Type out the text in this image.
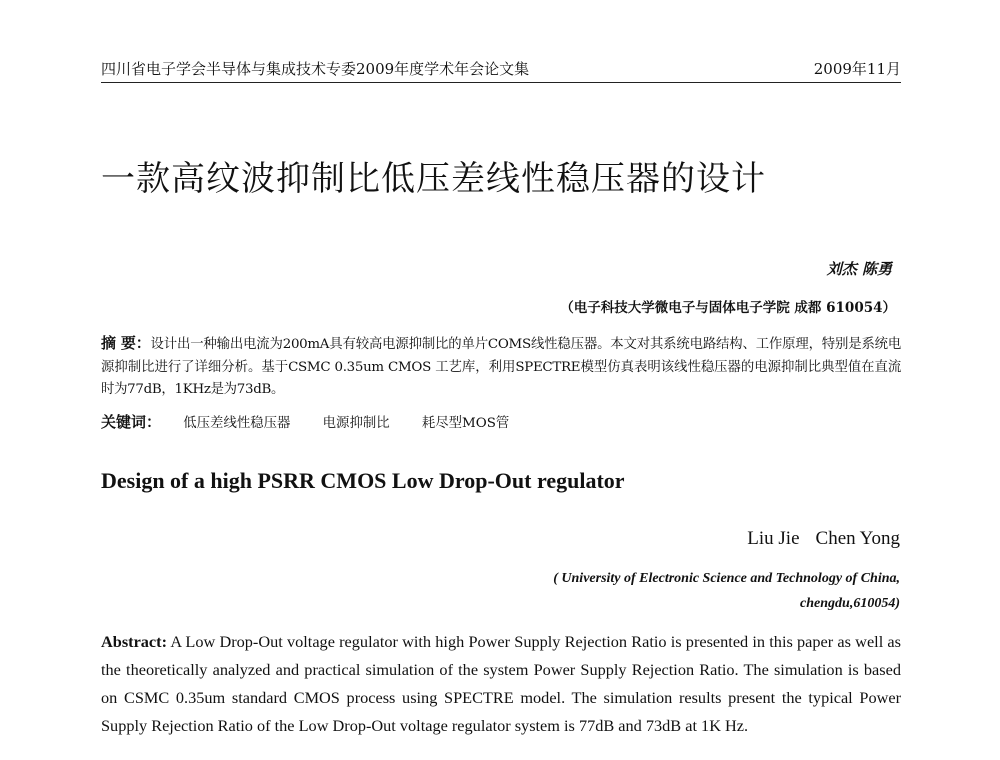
四川省电子学会半导体与集成技术专委2009年度学术年会论文集	2009年11月
一款高纹波抑制比低压差线性稳压器的设计
刘杰 陈勇
（电子科技大学微电子与固体电子学院 成都 610054）
摘 要：设计出一种输出电流为200mA具有较高电源抑制比的单片COMS线性稳压器。本文对其系统电路结构、工作原理，特别是系统电源抑制比进行了详细分析。基于CSMC 0.35um CMOS 工艺库，利用SPECTRE模型仿真表明该线性稳压器的电源抑制比典型值在直流时为77dB，1KHz是为73dB。
关键词： 低压差线性稳压器 电源抑制比 耗尽型MOS管
Design of a high PSRR CMOS Low Drop-Out regulator
Liu Jie Chen Yong
( University of Electronic Science and Technology of China,
chengdu,610054)
Abstract: A Low Drop-Out voltage regulator with high Power Supply Rejection Ratio is presented in this paper as well as the theoretically analyzed and practical simulation of the system Power Supply Rejection Ratio. The simulation is based on CSMC 0.35um standard CMOS process using SPECTRE model. The simulation results present the typical Power Supply Rejection Ratio of the Low Drop-Out voltage regulator system is 77dB and 73dB at 1K Hz.
